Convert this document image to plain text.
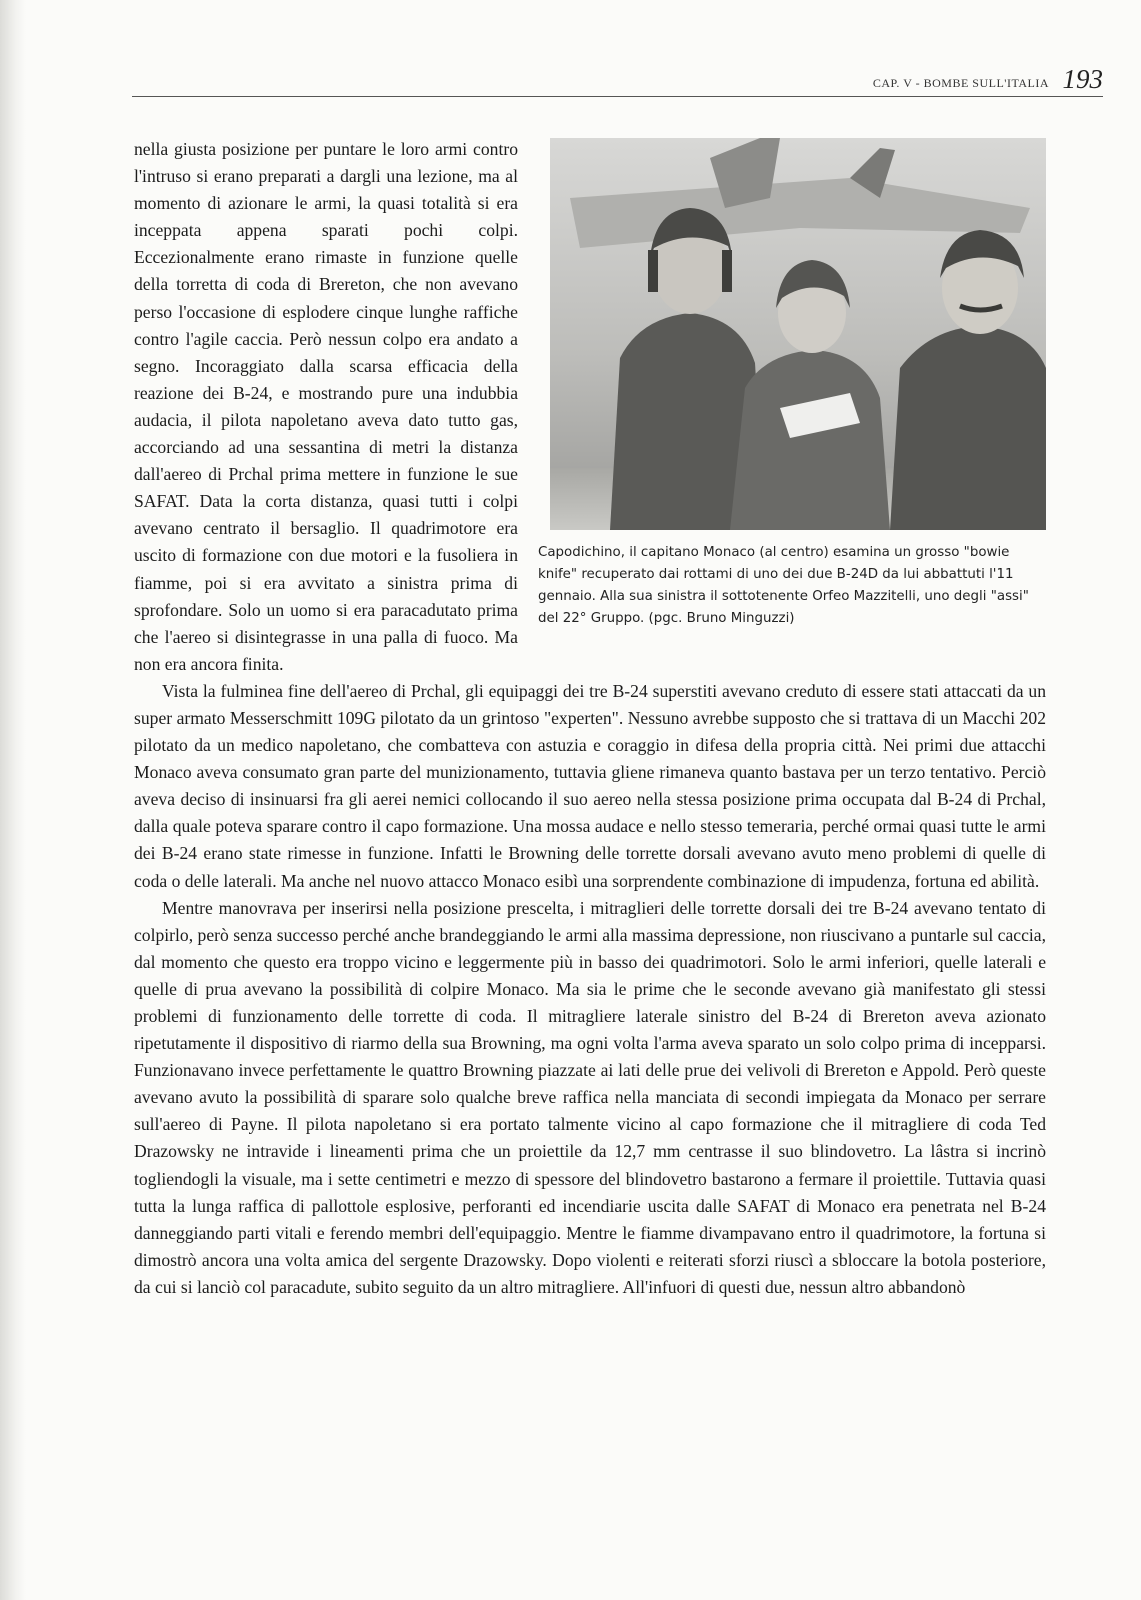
CAP. V - BOMBE SULL'ITALIA 193
Capodichino, il capitano Monaco (al centro) esamina un grosso "bowie knife" recuperato dai rottami di uno dei due B-24D da lui abbattuti l'11 gennaio. Alla sua sinistra il sottotenente Orfeo Mazzitelli, uno degli "assi" del 22° Gruppo. (pgc. Bruno Minguzzi)

nella giusta posizione per puntare le loro armi contro l'intruso si erano preparati a dargli una lezione, ma al momento di azionare le armi, la quasi totalità si era inceppata appena sparati pochi colpi. Eccezionalmente erano rimaste in funzione quelle della torretta di coda di Brereton, che non avevano perso l'occasione di esplodere cinque lunghe raffiche contro l'agile caccia. Però nessun colpo era andato a segno. Incoraggiato dalla scarsa efficacia della reazione dei B-24, e mostrando pure una indubbia audacia, il pilota napoletano aveva dato tutto gas, accorciando ad una sessantina di metri la distanza dall'aereo di Prchal prima mettere in funzione le sue SAFAT. Data la corta distanza, quasi tutti i colpi avevano centrato il bersaglio. Il quadrimotore era uscito di formazione con due motori e la fusoliera in fiamme, poi si era avvitato a sinistra prima di sprofondare. Solo un uomo si era paracadutato prima che l'aereo si disintegrasse in una palla di fuoco. Ma non era ancora finita.

Vista la fulminea fine dell'aereo di Prchal, gli equipaggi dei tre B-24 superstiti avevano creduto di essere stati attaccati da un super armato Messerschmitt 109G pilotato da un grintoso "experten". Nessuno avrebbe supposto che si trattava di un Macchi 202 pilotato da un medico napoletano, che combatteva con astuzia e coraggio in difesa della propria città. Nei primi due attacchi Monaco aveva consumato gran parte del munizionamento, tuttavia gliene rimaneva quanto bastava per un terzo tentativo. Perciò aveva deciso di insinuarsi fra gli aerei nemici collocando il suo aereo nella stessa posizione prima occupata dal B-24 di Prchal, dalla quale poteva sparare contro il capo formazione. Una mossa audace e nello stesso temeraria, perché ormai quasi tutte le armi dei B-24 erano state rimesse in funzione. Infatti le Browning delle torrette dorsali avevano avuto meno problemi di quelle di coda o delle laterali. Ma anche nel nuovo attacco Monaco esibì una sorprendente combinazione di impudenza, fortuna ed abilità.

Mentre manovrava per inserirsi nella posizione prescelta, i mitraglieri delle torrette dorsali dei tre B-24 avevano tentato di colpirlo, però senza successo perché anche brandeggiando le armi alla massima depressione, non riuscivano a puntarle sul caccia, dal momento che questo era troppo vicino e leggermente più in basso dei quadrimotori. Solo le armi inferiori, quelle laterali e quelle di prua avevano la possibilità di colpire Monaco. Ma sia le prime che le seconde avevano già manifestato gli stessi problemi di funzionamento delle torrette di coda. Il mitragliere laterale sinistro del B-24 di Brereton aveva azionato ripetutamente il dispositivo di riarmo della sua Browning, ma ogni volta l'arma aveva sparato un solo colpo prima di incepparsi. Funzionavano invece perfettamente le quattro Browning piazzate ai lati delle prue dei velivoli di Brereton e Appold. Però queste avevano avuto la possibilità di sparare solo qualche breve raffica nella manciata di secondi impiegata da Monaco per serrare sull'aereo di Payne. Il pilota napoletano si era portato talmente vicino al capo formazione che il mitragliere di coda Ted Drazowsky ne intravide i lineamenti prima che un proiettile da 12,7 mm centrasse il suo blindovetro. La lâstra si incrinò togliendogli la visuale, ma i sette centimetri e mezzo di spessore del blindovetro bastarono a fermare il proiettile. Tuttavia quasi tutta la lunga raffica di pallottole esplosive, perforanti ed incendiarie uscita dalle SAFAT di Monaco era penetrata nel B-24 danneggiando parti vitali e ferendo membri dell'equipaggio. Mentre le fiamme divampavano entro il quadrimotore, la fortuna si dimostrò ancora una volta amica del sergente Drazowsky. Dopo violenti e reiterati sforzi riuscì a sbloccare la botola posteriore, da cui si lanciò col paracadute, subito seguito da un altro mitragliere. All'infuori di questi due, nessun altro abbandonò
